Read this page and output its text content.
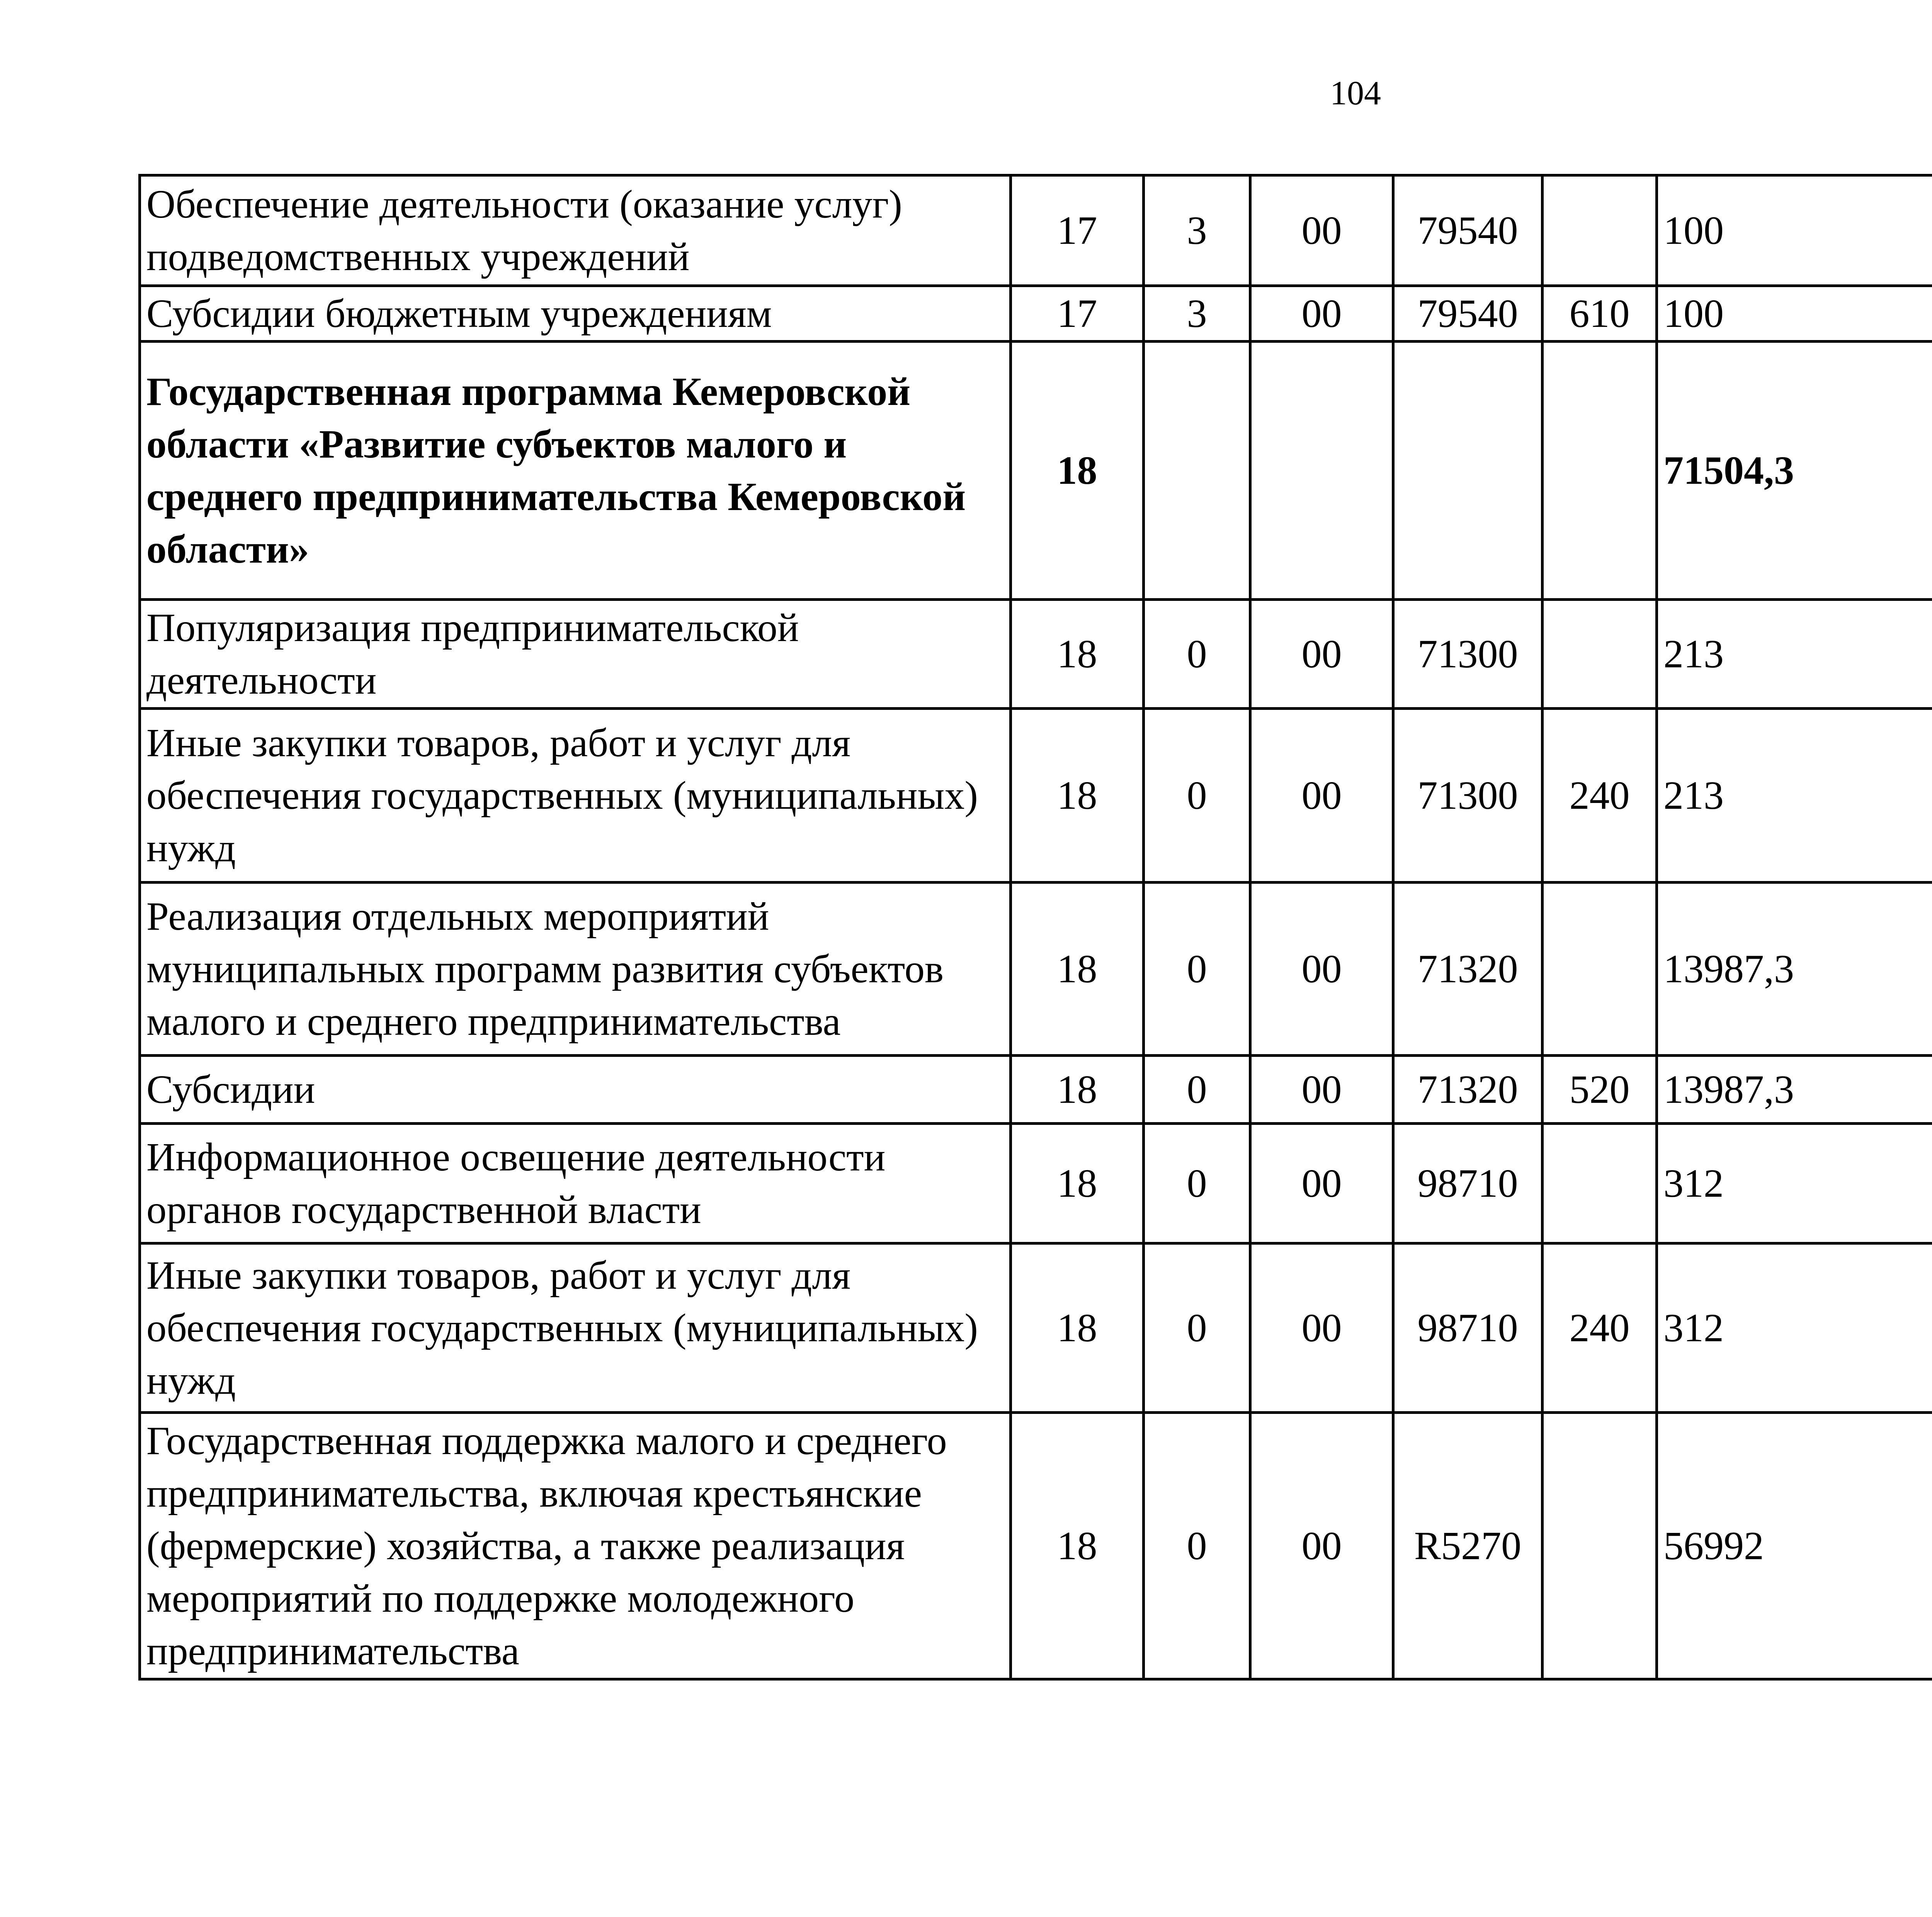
104
Обеспечение деятельности (оказание услуг) подведомственных учреждений	17	3	00	79540		100		
Субсидии бюджетным учреждениям	17	3	00	79540	610	100		
Государственная программа Кемеровской области «Развитие субъектов малого и среднего предпринимательства Кемеровской области»	18					71504,3		
Популяризация предпринимательской деятельности	18	0	00	71300		213		
Иные закупки товаров, работ и услуг для обеспечения государственных (муниципальных) нужд	18	0	00	71300	240	213		
Реализация отдельных мероприятий муниципальных программ развития субъектов малого и среднего предпринимательства	18	0	00	71320		13987,3		
Субсидии	18	0	00	71320	520	13987,3		
Информационное освещение деятельности органов государственной власти	18	0	00	98710		312		
Иные закупки товаров, работ и услуг для обеспечения государственных (муниципальных) нужд	18	0	00	98710	240	312		
Государственная поддержка малого и среднего предпринимательства, включая крестьянские (фермерские) хозяйства, а также реализация мероприятий по поддержке молодежного предпринимательства	18	0	00	R5270		56992		
